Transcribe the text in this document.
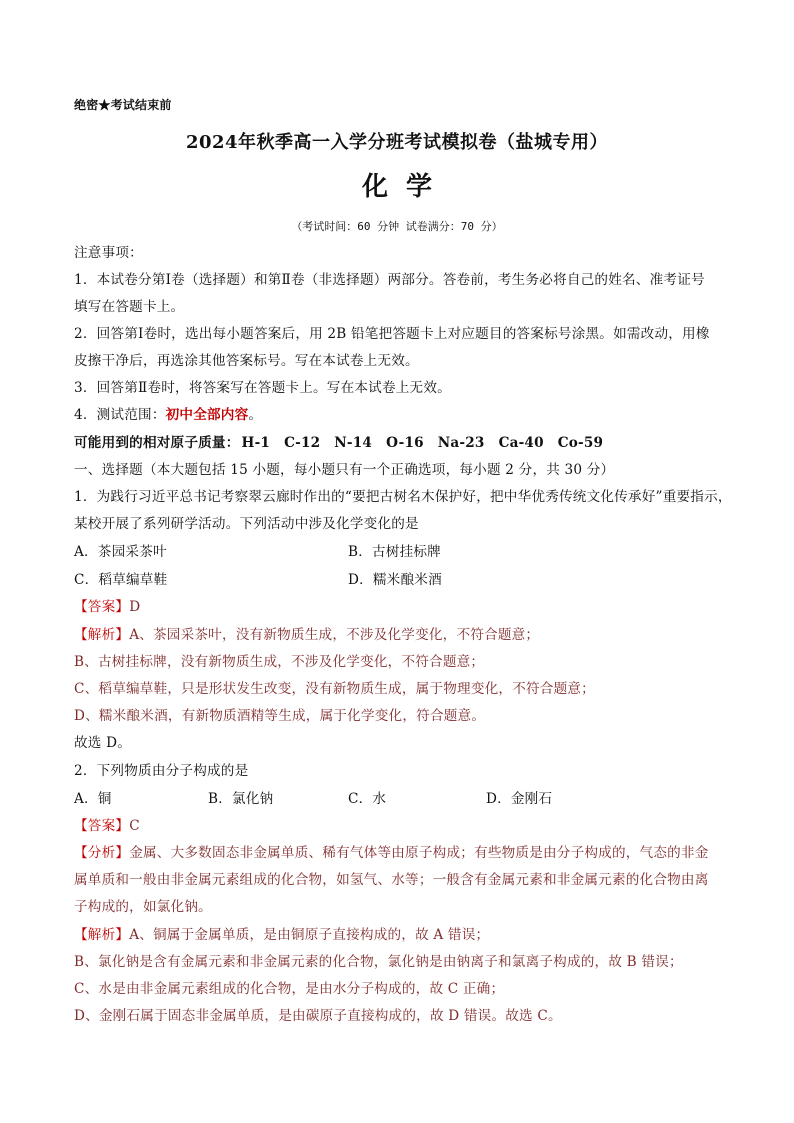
绝密★考试结束前
2024年秋季高一入学分班考试模拟卷（盐城专用）
化学
（考试时间：60 分钟 试卷满分：70 分）
注意事项：
1．本试卷分第Ⅰ卷（选择题）和第Ⅱ卷（非选择题）两部分。答卷前，考生务必将自己的姓名、准考证号
填写在答题卡上。
2．回答第Ⅰ卷时，选出每小题答案后，用 2B 铅笔把答题卡上对应题目的答案标号涂黑。如需改动，用橡
皮擦干净后，再选涂其他答案标号。写在本试卷上无效。
3．回答第Ⅱ卷时，将答案写在答题卡上。写在本试卷上无效。
4．测试范围：初中全部内容。
可能用到的相对原子质量： H-1 C-12 N-14 O-16 Na-23 Ca-40 Co-59
一、选择题（本大题包括 15 小题，每小题只有一个正确选项，每小题 2 分，共 30 分）
1．为践行习近平总书记考察翠云廊时作出的“要把古树名木保护好，把中华优秀传统文化传承好”重要指示，
某校开展了系列研学活动。下列活动中涉及化学变化的是
A．茶园采茶叶	B．古树挂标牌
C．稻草编草鞋	D．糯米酿米酒
【答案】D
【解析】A、茶园采茶叶，没有新物质生成，不涉及化学变化，不符合题意；
B、古树挂标牌，没有新物质生成，不涉及化学变化，不符合题意；
C、稻草编草鞋，只是形状发生改变，没有新物质生成，属于物理变化，不符合题意；
D、糯米酿米酒，有新物质酒精等生成，属于化学变化，符合题意。
故选 D。
2．下列物质由分子构成的是
A．铜	B．氯化钠	C．水	D．金刚石
【答案】C
【分析】金属、大多数固态非金属单质、稀有气体等由原子构成；有些物质是由分子构成的，气态的非金
属单质和一般由非金属元素组成的化合物，如氢气、水等；一般含有金属元素和非金属元素的化合物由离
子构成的，如氯化钠。
【解析】A、铜属于金属单质，是由铜原子直接构成的，故 A 错误；
B、氯化钠是含有金属元素和非金属元素的化合物，氯化钠是由钠离子和氯离子构成的，故 B 错误；
C、水是由非金属元素组成的化合物，是由水分子构成的，故 C 正确；
D、金刚石属于固态非金属单质，是由碳原子直接构成的，故 D 错误。故选 C。
